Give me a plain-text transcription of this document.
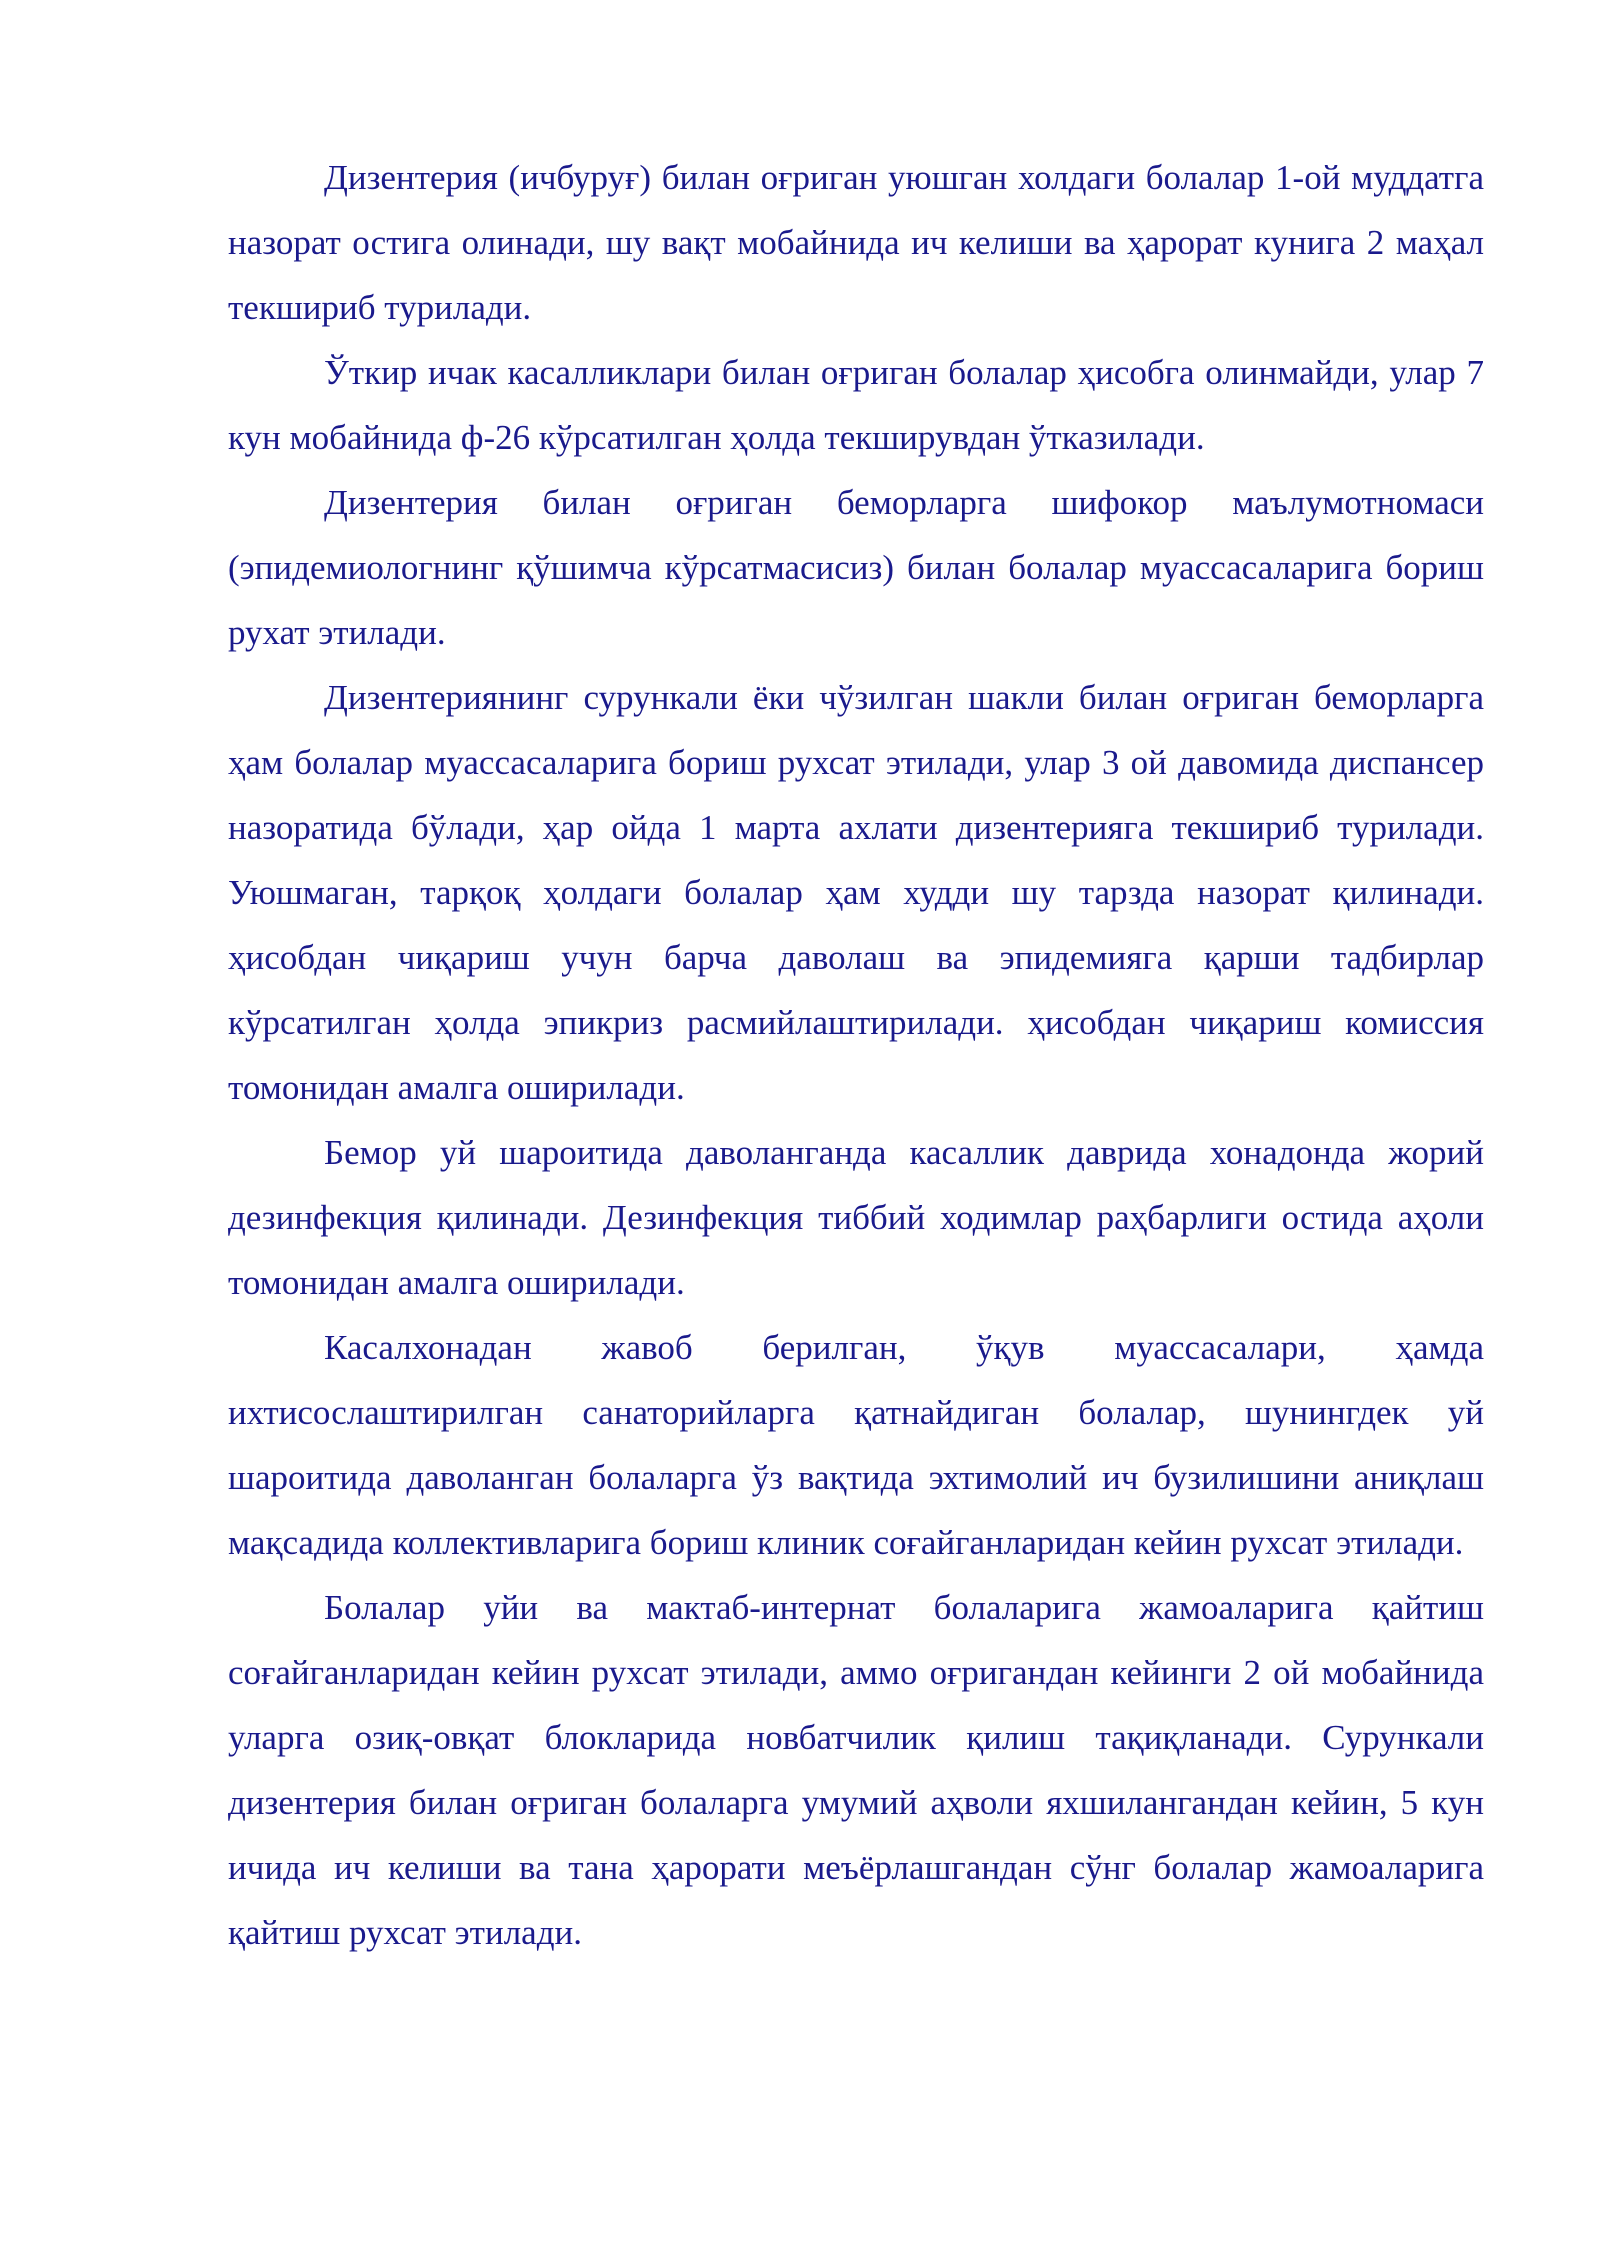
Дизентерия (ичбуруғ) билан оғриган уюшган холдаги болалар 1-ой муддатга назорат остига олинади, шу вақт мобайнида ич келиши ва ҳарорат кунига 2 маҳал текшириб турилади.

Ўткир ичак касалликлари билан оғриган болалар ҳисобга олинмайди, улар 7 кун мобайнида ф-26 кўрсатилган ҳолда текширувдан ўтказилади.

Дизентерия билан оғриган беморларга шифокор маълумотномаси (эпидемиологнинг қўшимча кўрсатмасисиз) билан болалар муассасаларига бориш рухат этилади.

Дизентериянинг сурункали ёки чўзилган шакли билан оғриган беморларга ҳам болалар муассасаларига бориш рухсат этилади, улар 3 ой давомида диспансер назоратида бўлади, ҳар ойда 1 марта ахлати дизентерияга текшириб турилади. Уюшмаган, тарқоқ ҳолдаги болалар ҳам худди шу тарзда назорат қилинади. ҳисобдан чиқариш учун барча даволаш ва эпидемияга қарши тадбирлар кўрсатилган ҳолда эпикриз расмийлаштирилади. ҳисобдан чиқариш комиссия томонидан амалга оширилади.

Бемор уй шароитида даволанганда касаллик даврида хонадонда жорий дезинфекция қилинади. Дезинфекция тиббий ходимлар раҳбарлиги остида аҳоли томонидан амалга оширилади.

Касалхонадан жавоб берилган, ўқув муассасалари, ҳамда ихтисослаштирилган санаторийларга қатнайдиган болалар, шунингдек уй шароитида даволанган болаларга ўз вақтида эхтимолий ич бузилишини аниқлаш мақсадида коллективларига бориш клиник соғайганларидан кейин рухсат этилади.

Болалар уйи ва мактаб-интернат болаларига жамоаларига қайтиш соғайганларидан кейин рухсат этилади, аммо оғригандан кейинги 2 ой мобайнида уларга озиқ-овқат блокларида новбатчилик қилиш тақиқланади. Сурункали дизентерия билан оғриган болаларга умумий аҳволи яхшилангандан кейин, 5 кун ичида ич келиши ва тана ҳарорати меъёрлашгандан сўнг болалар жамоаларига қайтиш рухсат этилади.
